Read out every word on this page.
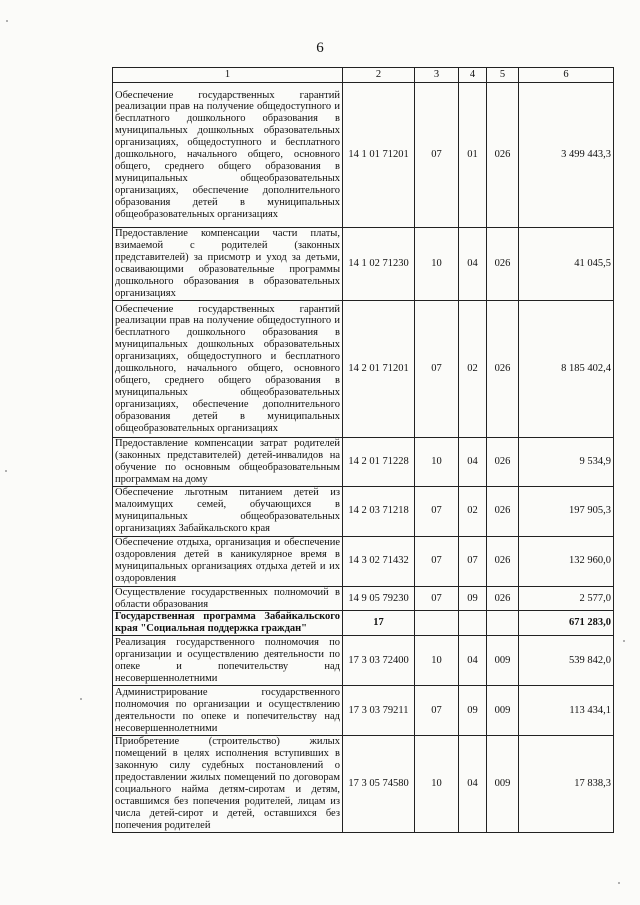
6
1	2	3	4	5	6
Обеспечение государственных гарантий реализации прав на получение общедоступного и бесплатного дошкольного образования в муниципальных дошкольных образовательных организациях, общедоступного и бесплатного дошкольного, начального общего, основного общего, среднего общего образования в муниципальных общеобразовательных организациях, обеспечение дополнительного образования детей в муниципальных общеобразовательных организациях	14 1 01 71201	07	01	026	3 499 443,3
Предоставление компенсации части платы, взимаемой с родителей (законных представителей) за присмотр и уход за детьми, осваивающими образовательные программы дошкольного образования в образовательных организациях	14 1 02 71230	10	04	026	41 045,5
Обеспечение государственных гарантий реализации прав на получение общедоступного и бесплатного дошкольного образования в муниципальных дошкольных образовательных организациях, общедоступного и бесплатного дошкольного, начального общего, основного общего, среднего общего образования в муниципальных общеобразовательных организациях, обеспечение дополнительного образования детей в муниципальных общеобразовательных организациях	14 2 01 71201	07	02	026	8 185 402,4
Предоставление компенсации затрат родителей (законных представителей) детей-инвалидов на обучение по основным общеобразовательным программам на дому	14 2 01 71228	10	04	026	9 534,9
Обеспечение льготным питанием детей из малоимущих семей, обучающихся в муниципальных общеобразовательных организациях Забайкальского края	14 2 03 71218	07	02	026	197 905,3
Обеспечение отдыха, организация и обеспечение оздоровления детей в каникулярное время в муниципальных организациях отдыха детей и их оздоровления	14 3 02 71432	07	07	026	132 960,0
Осуществление государственных полномочий в области образования	14 9 05 79230	07	09	026	2 577,0
Государственная программа Забайкальского края "Социальная поддержка граждан"	17				671 283,0
Реализация государственного полномочия по организации и осуществлению деятельности по опеке и попечительству над несовершеннолетними	17 3 03 72400	10	04	009	539 842,0
Администрирование государственного полномочия по организации и осуществлению деятельности по опеке и попечительству над несовершеннолетними	17 3 03 79211	07	09	009	113 434,1
Приобретение (строительство) жилых помещений в целях исполнения вступивших в законную силу судебных постановлений о предоставлении жилых помещений по договорам социального найма детям-сиротам и детям, оставшимся без попечения родителей, лицам из числа детей-сирот и детей, оставшихся без попечения родителей	17 3 05 74580	10	04	009	17 838,3
